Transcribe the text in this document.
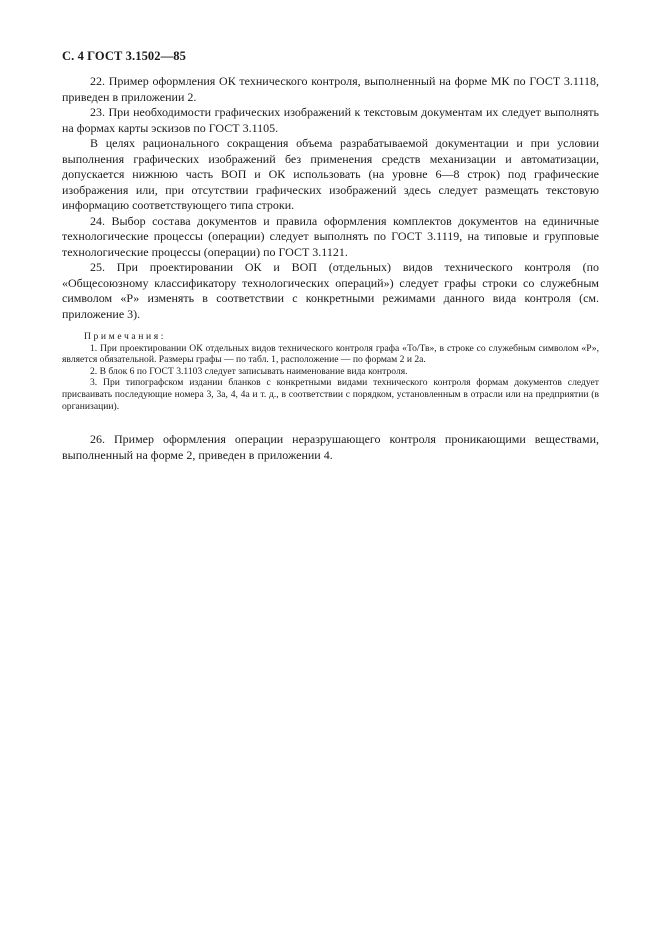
С. 4 ГОСТ 3.1502—85

22. Пример оформления ОК технического контроля, выполненный на форме МК по ГОСТ 3.1118, приведен в приложении 2.

23. При необходимости графических изображений к текстовым документам их следует выполнять на формах карты эскизов по ГОСТ 3.1105.

В целях рационального сокращения объема разрабатываемой документации и при условии выполнения графических изображений без применения средств механизации и автоматизации, допускается нижнюю часть ВОП и ОК использовать (на уровне 6—8 строк) под графические изображения или, при отсутствии графических изображений здесь следует размещать текстовую информацию соответствующего типа строки.

24. Выбор состава документов и правила оформления комплектов документов на единичные технологические процессы (операции) следует выполнять по ГОСТ 3.1119, на типовые и групповые технологические процессы (операции) по ГОСТ 3.1121.

25. При проектировании ОК и ВОП (отдельных) видов технического контроля (по «Общесоюзному классификатору технологических операций») следует графы строки со служебным символом «Р» изменять в соответствии с конкретными режимами данного вида контроля (см. приложение 3).

Примечания:

1. При проектировании ОК отдельных видов технического контроля графа «То/Тв», в строке со служебным символом «Р», является обязательной. Размеры графы — по табл. 1, расположение — по формам 2 и 2а.

2. В блок 6 по ГОСТ 3.1103 следует записывать наименование вида контроля.

3. При типографском издании бланков с конкретными видами технического контроля формам документов следует присваивать последующие номера 3, 3а, 4, 4а и т. д., в соответствии с порядком, установленным в отрасли или на предприятии (в организации).

26. Пример оформления операции неразрушающего контроля проникающими веществами, выполненный на форме 2, приведен в приложении 4.
